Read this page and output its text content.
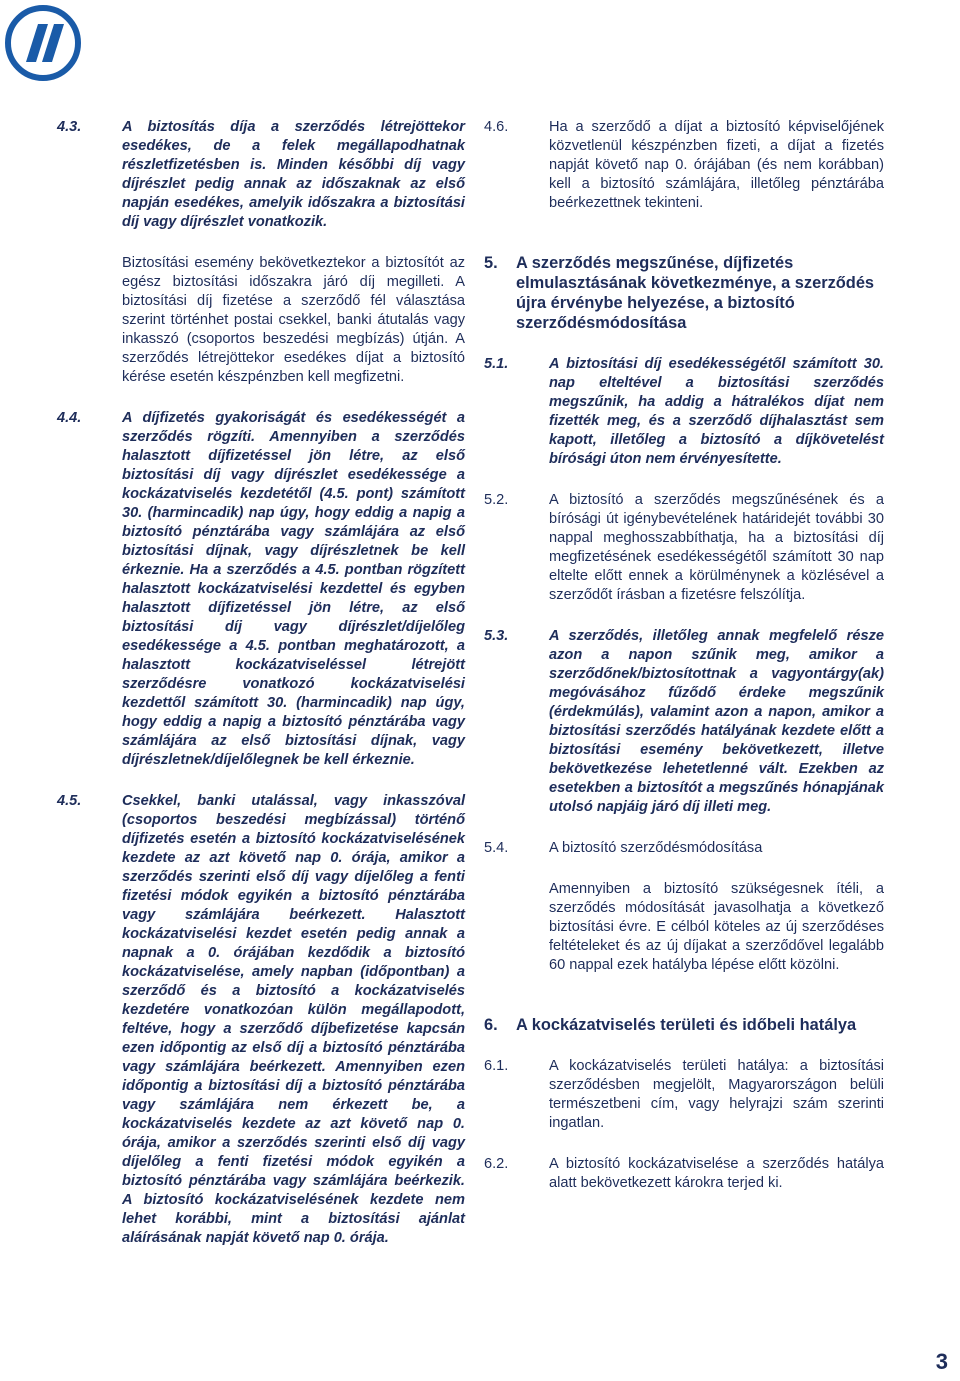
4.3.	A biztosítás díja a szerződés létrejöttekor esedékes, de a felek megállapodhatnak részletfizetésben is. Minden későbbi díj vagy díjrészlet pedig annak az időszaknak az első napján esedékes, amelyik időszakra a biztosítási díj vagy díjrészlet vonatkozik.
Biztosítási esemény bekövetkeztekor a biztosítót az egész biztosítási időszakra járó díj megilleti. A biztosítási díj fizetése a szerződő fél választása szerint történhet postai csekkel, banki átutalás vagy inkasszó (csoportos beszedési megbízás) útján. A szerződés létrejöttekor esedékes díjat a biztosító kérése esetén készpénzben kell megfizetni.
4.4.	A díjfizetés gyakoriságát és esedékességét a szerződés rögzíti. Amennyiben a szerződés halasztott díjfizetéssel jön létre, az első biztosítási díj vagy díjrészlet esedékessége a kockázatviselés kezdetétől (4.5. pont) számított 30. (harmincadik) nap úgy, hogy eddig a napig a biztosító pénztárába vagy számlájára az első biztosítási díjnak, vagy díjrészletnek be kell érkeznie. Ha a szerződés a 4.5. pontban rögzített halasztott kockázatviselési kezdettel és egyben halasztott díjfizetéssel jön létre, az első biztosítási díj vagy díjrészlet/díjelőleg esedékessége a 4.5. pontban meghatározott, a halasztott kockázatviseléssel létrejött szerződésre vonatkozó kockázatviselési kezdettől számított 30. (harmincadik) nap úgy, hogy eddig a napig a biztosító pénztárába vagy számlájára az első biztosítási díjnak, vagy díjrészletnek/díjelőlegnek be kell érkeznie.
4.5.	Csekkel, banki utalással, vagy inkasszóval (csoportos beszedési megbízással) történő díjfizetés esetén a biztosító kockázatviselésének kezdete az azt követő nap 0. órája, amikor a szerződés szerinti első díj vagy díjelőleg a fenti fizetési módok egyikén a biztosító pénztárába vagy számlájára beérkezett. Halasztott kockázatviselési kezdet esetén pedig annak a napnak a 0. órájában kezdődik a biztosító kockázatviselése, amely napban (időpontban) a szerződő és a biztosító a kockázatviselés kezdetére vonatkozóan külön megállapodott, feltéve, hogy a szerződő díjbefizetése kapcsán ezen időpontig az első díj a biztosító pénztárába vagy számlájára beérkezett. Amennyiben ezen időpontig a biztosítási díj a biztosító pénztárába vagy számlájára nem érkezett be, a kockázatviselés kezdete az azt követő nap 0. órája, amikor a szerződés szerinti első díj vagy díjelőleg a fenti fizetési módok egyikén a biztosító pénztárába vagy számlájára beérkezik. A biztosító kockázatviselésének kezdete nem lehet korábbi, mint a biztosítási ajánlat aláírásának napját követő nap 0. órája.
4.6.	Ha a szerződő a díjat a biztosító képviselőjének közvetlenül készpénzben fizeti, a díjat a fizetés napját követő nap 0. órájában (és nem korábban) kell a biztosító számlájára, illetőleg pénztárába beérkezettnek tekinteni.
5.	A szerződés megszűnése, díjfizetés elmulasztásának következménye, a szerződés újra érvénybe helyezése, a biztosító szerződésmódosítása
5.1.	A biztosítási díj esedékességétől számított 30. nap elteltével a biztosítási szerződés megszűnik, ha addig a hátralékos díjat nem fizették meg, és a szerződő díjhalasztást sem kapott, illetőleg a biztosító a díjkövetelést bírósági úton nem érvényesítette.
5.2.	A biztosító a szerződés megszűnésének és a bírósági út igénybevételének határidejét további 30 nappal meghosszabbíthatja, ha a biztosítási díj megfizetésének esedékességétől számított 30 nap eltelte előtt ennek a körülménynek a közlésével a szerződőt írásban a fizetésre felszólítja.
5.3.	A szerződés, illetőleg annak megfelelő része azon a napon szűnik meg, amikor a szerződőnek/biztosítottnak a vagyontárgy(ak) megóvásához fűződő érdeke megszűnik (érdekmúlás), valamint azon a napon, amikor a biztosítási szerződés hatályának kezdete előtt a biztosítási esemény bekövetkezett, illetve bekövetkezése lehetetlenné vált. Ezekben az esetekben a biztosítót a megszűnés hónapjának utolsó napjáig járó díj illeti meg.
5.4.	A biztosító szerződésmódosítása
Amennyiben a biztosító szükségesnek ítéli, a szerződés módosítását javasolhatja a következő biztosítási évre. E célból köteles az új szerződéses feltételeket és az új díjakat a szerződővel legalább 60 nappal ezek hatályba lépése előtt közölni.
6.	A kockázatviselés területi és időbeli hatálya
6.1.	A kockázatviselés területi hatálya: a biztosítási szerződésben megjelölt, Magyarországon belüli természetbeni cím, vagy helyrajzi szám szerinti ingatlan.
6.2.	A biztosító kockázatviselése a szerződés hatálya alatt bekövetkezett károkra terjed ki.
3
